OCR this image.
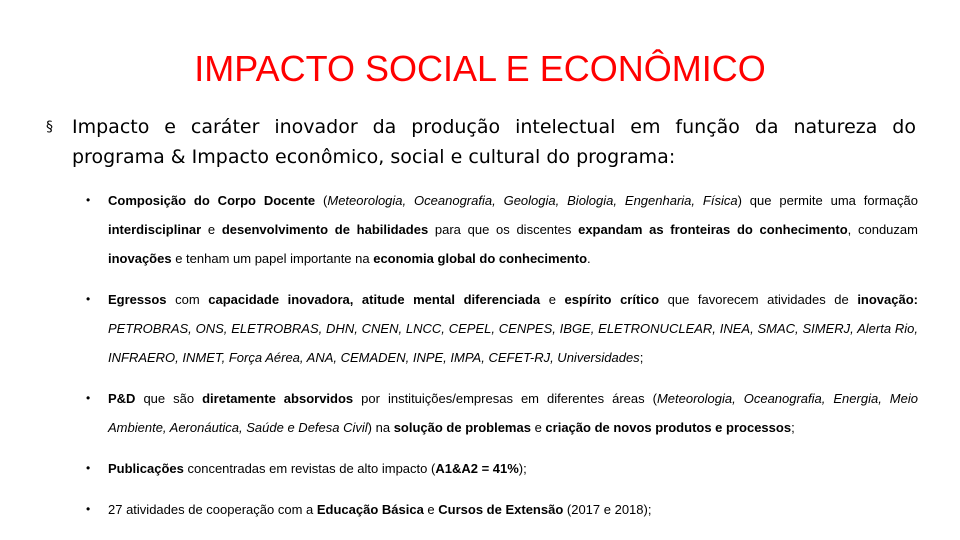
IMPACTO SOCIAL E ECONÔMICO
§	Impacto e caráter inovador da produção intelectual em função da natureza do programa & Impacto econômico, social e cultural do programa:
•	Composição do Corpo Docente (Meteorologia, Oceanografia, Geologia, Biologia, Engenharia, Física) que permite uma formação interdisciplinar e desenvolvimento de habilidades para que os discentes expandam as fronteiras do conhecimento, conduzam inovações e tenham um papel importante na economia global do conhecimento.
•	Egressos com capacidade inovadora, atitude mental diferenciada e espírito crítico que favorecem atividades de inovação: PETROBRAS, ONS, ELETROBRAS, DHN, CNEN, LNCC, CEPEL, CENPES, IBGE, ELETRONUCLEAR, INEA, SMAC, SIMERJ, Alerta Rio, INFRAERO, INMET, Força Aérea, ANA, CEMADEN, INPE, IMPA, CEFET-RJ, Universidades;
•	P&D que são diretamente absorvidos por instituições/empresas em diferentes áreas (Meteorologia, Oceanografia, Energia, Meio Ambiente, Aeronáutica, Saúde e Defesa Civil) na solução de problemas e criação de novos produtos e processos;
•	Publicações concentradas em revistas de alto impacto (A1&A2 = 41%);
•	27 atividades de cooperação com a Educação Básica e Cursos de Extensão (2017 e 2018);
